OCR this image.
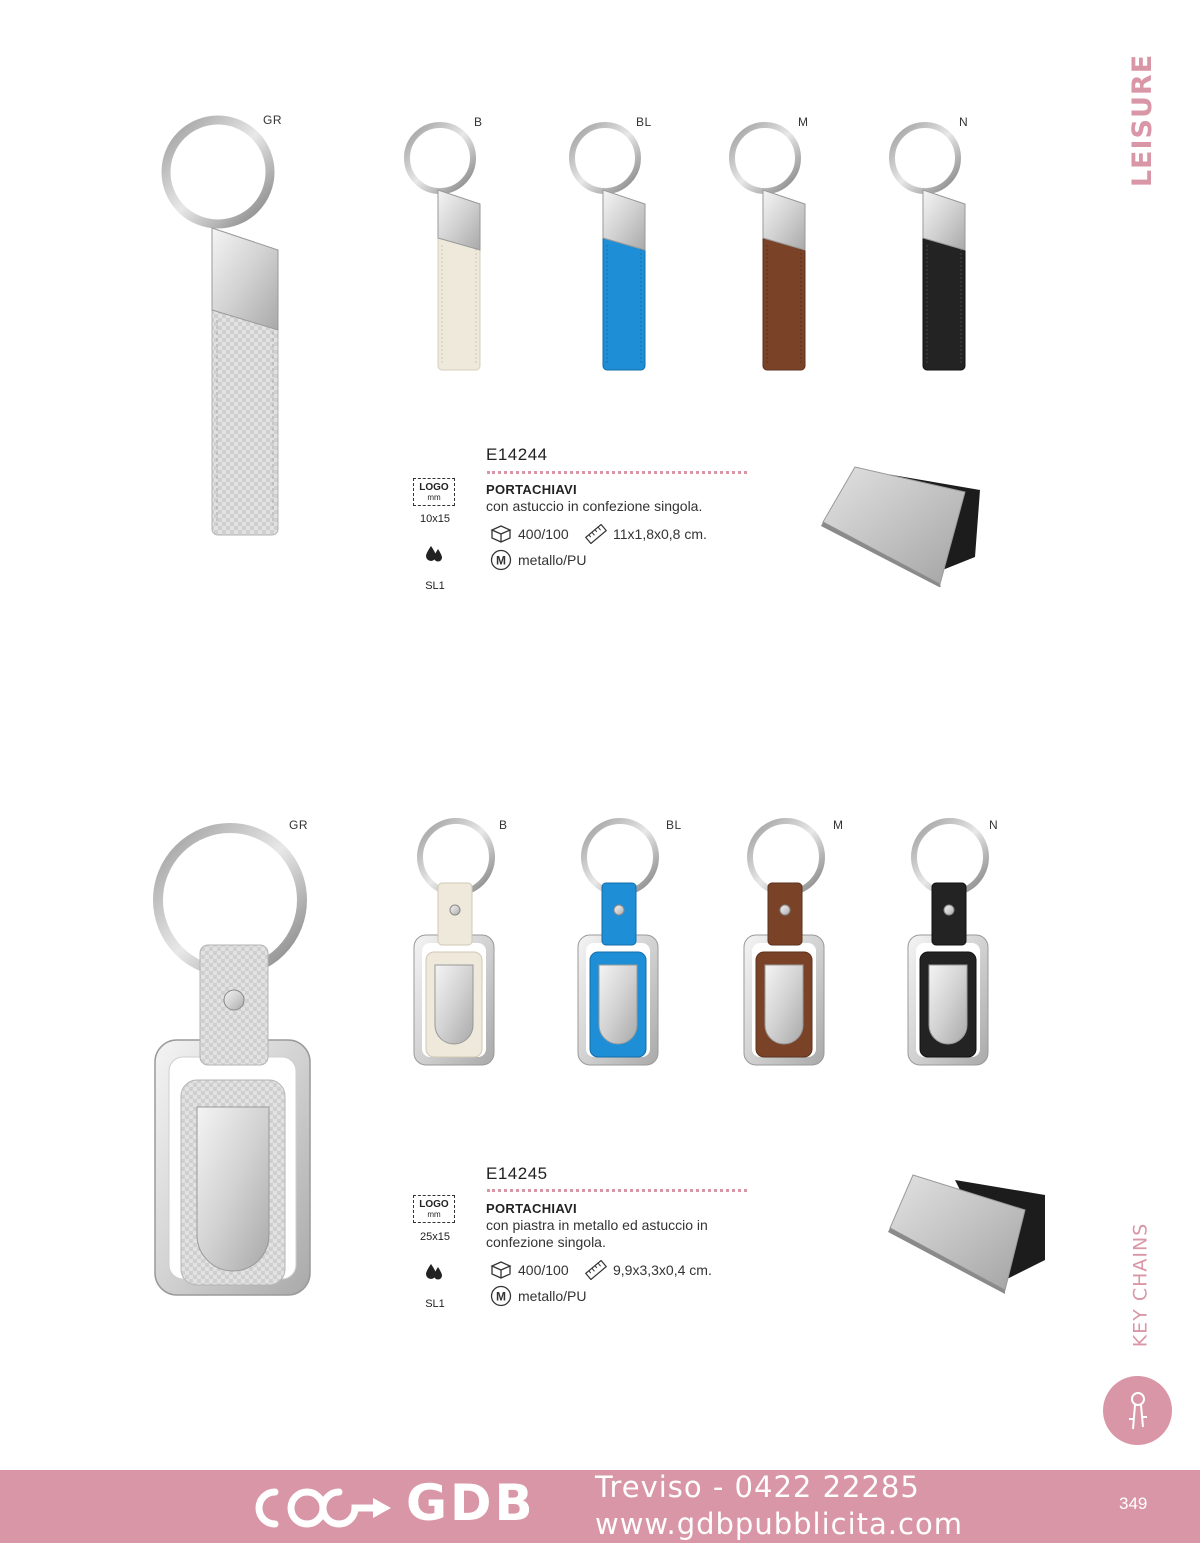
LEISURE
KEY CHAINS
GR	B	BL	M	N
E14244
PORTACHIAVI
con astuccio in confezione singola.
400/100	11x1,8x0,8 cm.
M metallo/PU
LOGO
mm
10x15
SL1
GR	B	BL	M	N
E14245
PORTACHIAVI
con piastra in metallo ed astuccio in
confezione singola.
400/100	9,9x3,3x0,4 cm.
M metallo/PU
LOGO
mm
25x15
SL1
GDB Treviso - 0422 22285
www.gdbpubblicita.com
349
